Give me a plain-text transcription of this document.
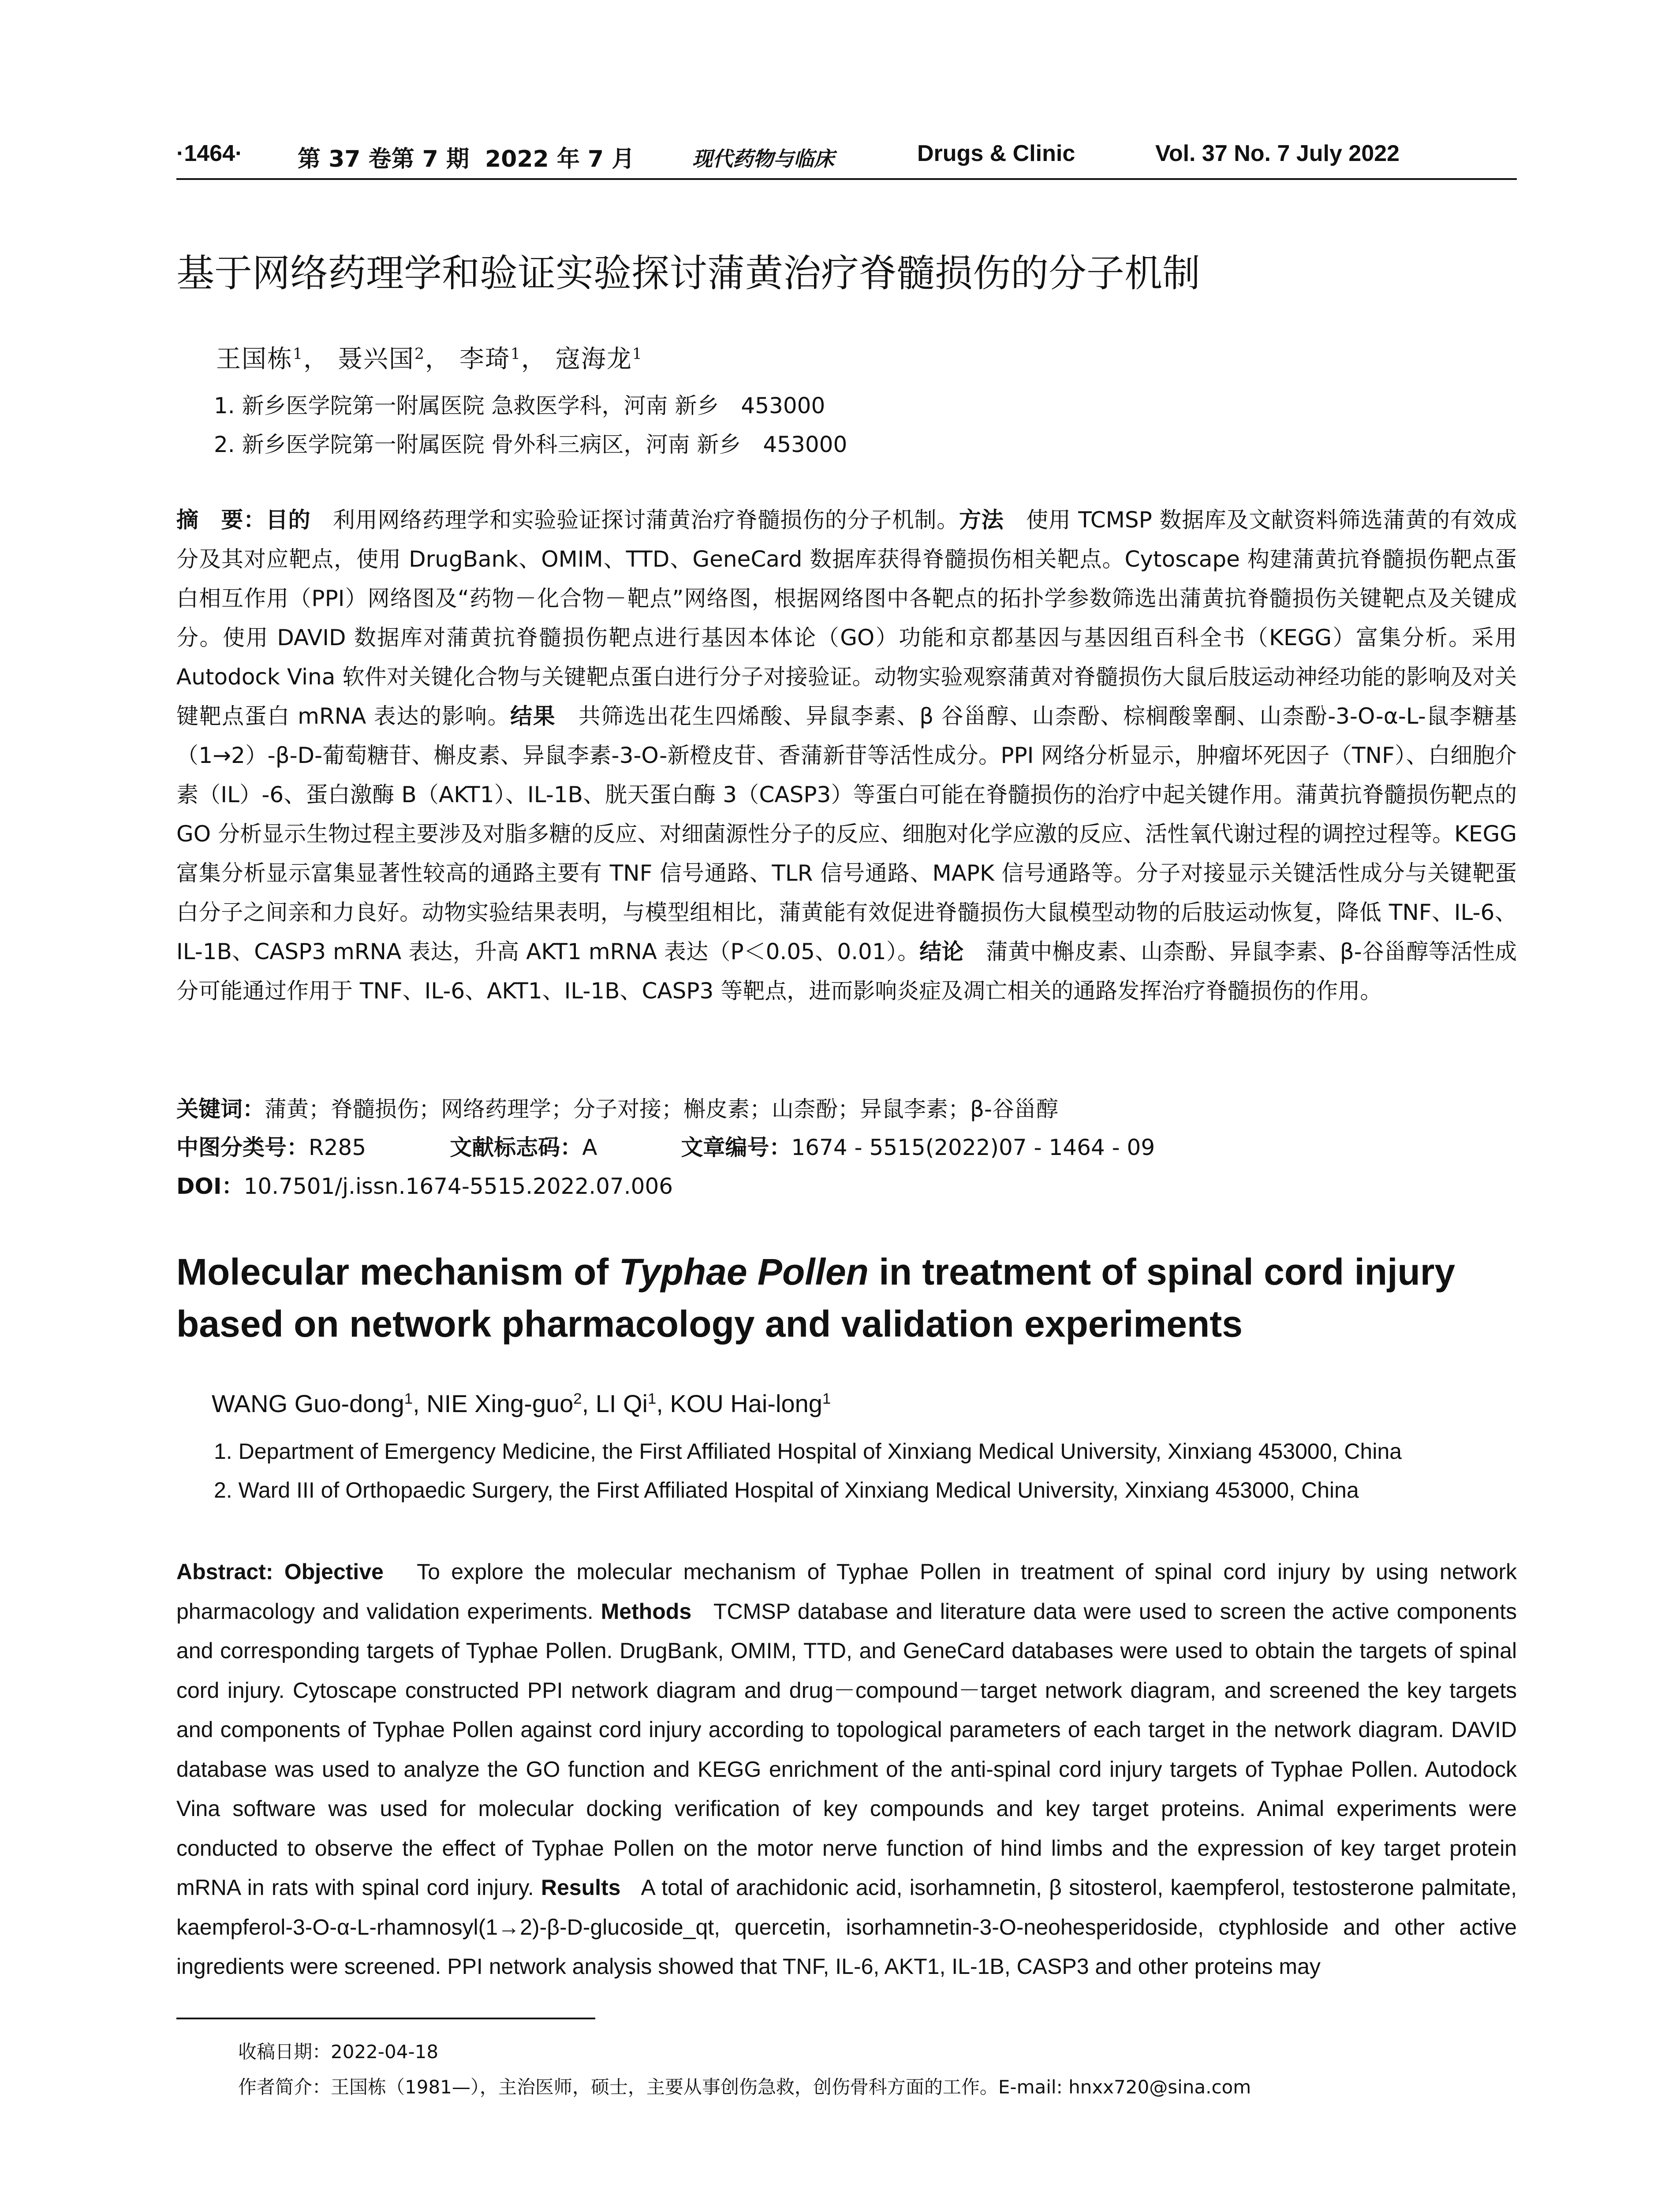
·1464· 第 37 卷第 7 期 2022 年 7 月	现代药物与临床	Drugs & Clinic	Vol. 37 No. 7 July 2022
基于网络药理学和验证实验探讨蒲黄治疗脊髓损伤的分子机制
王国栋$^1$， 聂兴国$^2$， 李琦$^1$， 寇海龙$^1$
1. 新乡医学院第一附属医院 急救医学科，河南 新乡　453000
2. 新乡医学院第一附属医院 骨外科三病区，河南 新乡　453000
摘　要：目的　 利用网络药理学和实验验证探讨蒲黄治疗脊髓损伤的分子机制。方法　 使用 TCMSP 数据库及文献资料筛选蒲黄的有效成分及其对应靶点，使用 DrugBank、OMIM、TTD、GeneCard 数据库获得脊髓损伤相关靶点。Cytoscape 构建蒲黄抗脊髓损伤靶点蛋白相互作用（PPI）网络图及“药物－化合物－靶点”网络图，根据网络图中各靶点的拓扑学参数筛选出蒲黄抗脊髓损伤关键靶点及关键成分。使用 DAVID 数据库对蒲黄抗脊髓损伤靶点进行基因本体论（GO）功能和京都基因与基因组百科全书（KEGG）富集分析。采用 Autodock Vina 软件对关键化合物与关键靶点蛋白进行分子对接验证。动物实验观察蒲黄对脊髓损伤大鼠后肢运动神经功能的影响及对关键靶点蛋白 mRNA 表达的影响。结果　 共筛选出花生四烯酸、异鼠李素、β 谷甾醇、山柰酚、棕榈酸睾酮、山柰酚-3-O-α-L-鼠李糖基（1→2）-β-D-葡萄糖苷、槲皮素、异鼠李素-3-O-新橙皮苷、香蒲新苷等活性成分。PPI 网络分析显示，肿瘤坏死因子（TNF）、白细胞介素（IL）-6、蛋白激酶 B（AKT1）、IL-1B、胱天蛋白酶 3（CASP3）等蛋白可能在脊髓损伤的治疗中起关键作用。蒲黄抗脊髓损伤靶点的 GO 分析显示生物过程主要涉及对脂多糖的反应、对细菌源性分子的反应、细胞对化学应激的反应、活性氧代谢过程的调控过程等。KEGG 富集分析显示富集显著性较高的通路主要有 TNF 信号通路、TLR 信号通路、MAPK 信号通路等。分子对接显示关键活性成分与关键靶蛋白分子之间亲和力良好。动物实验结果表明，与模型组相比，蒲黄能有效促进脊髓损伤大鼠模型动物的后肢运动恢复，降低 TNF、IL-6、IL-1B、CASP3 mRNA 表达，升高 AKT1 mRNA 表达（P＜0.05、0.01）。结论　 蒲黄中槲皮素、山柰酚、异鼠李素、β-谷甾醇等活性成分可能通过作用于 TNF、IL-6、AKT1、IL-1B、CASP3 等靶点，进而影响炎症及凋亡相关的通路发挥治疗脊髓损伤的作用。
关键词：蒲黄；脊髓损伤；网络药理学；分子对接；槲皮素；山柰酚；异鼠李素；β-谷甾醇
中图分类号：R285	文献标志码：A	文章编号：1674 - 5515(2022)07 - 1464 - 09
DOI：10.7501/j.issn.1674-5515.2022.07.006
Molecular mechanism of Typhae Pollen in treatment of spinal cord injury based on network pharmacology and validation experiments
WANG Guo-dong$^1$, NIE Xing-guo$^2$, LI Qi$^1$, KOU Hai-long$^1$
1. Department of Emergency Medicine, the First Affiliated Hospital of Xinxiang Medical University, Xinxiang 453000, China
2. Ward III of Orthopaedic Surgery, the First Affiliated Hospital of Xinxiang Medical University, Xinxiang 453000, China
Abstract: Objective To explore the molecular mechanism of Typhae Pollen in treatment of spinal cord injury by using network pharmacology and validation experiments. Methods TCMSP database and literature data were used to screen the active components and corresponding targets of Typhae Pollen. DrugBank, OMIM, TTD, and GeneCard databases were used to obtain the targets of spinal cord injury. Cytoscape constructed PPI network diagram and drug－compound－target network diagram, and screened the key targets and components of Typhae Pollen against cord injury according to topological parameters of each target in the network diagram. DAVID database was used to analyze the GO function and KEGG enrichment of the anti-spinal cord injury targets of Typhae Pollen. Autodock Vina software was used for molecular docking verification of key compounds and key target proteins. Animal experiments were conducted to observe the effect of Typhae Pollen on the motor nerve function of hind limbs and the expression of key target protein mRNA in rats with spinal cord injury. Results A total of arachidonic acid, isorhamnetin, β sitosterol, kaempferol, testosterone palmitate, kaempferol-3-O-α-L-rhamnosyl(1→2)-β-D-glucoside_qt, quercetin, isorhamnetin-3-O-neohesperidoside, ctyphloside and other active ingredients were screened. PPI network analysis showed that TNF, IL-6, AKT1, IL-1B, CASP3 and other proteins may
收稿日期：2022-04-18
作者简介：王国栋（1981—），主治医师，硕士，主要从事创伤急救，创伤骨科方面的工作。E-mail: hnxx720@sina.com
